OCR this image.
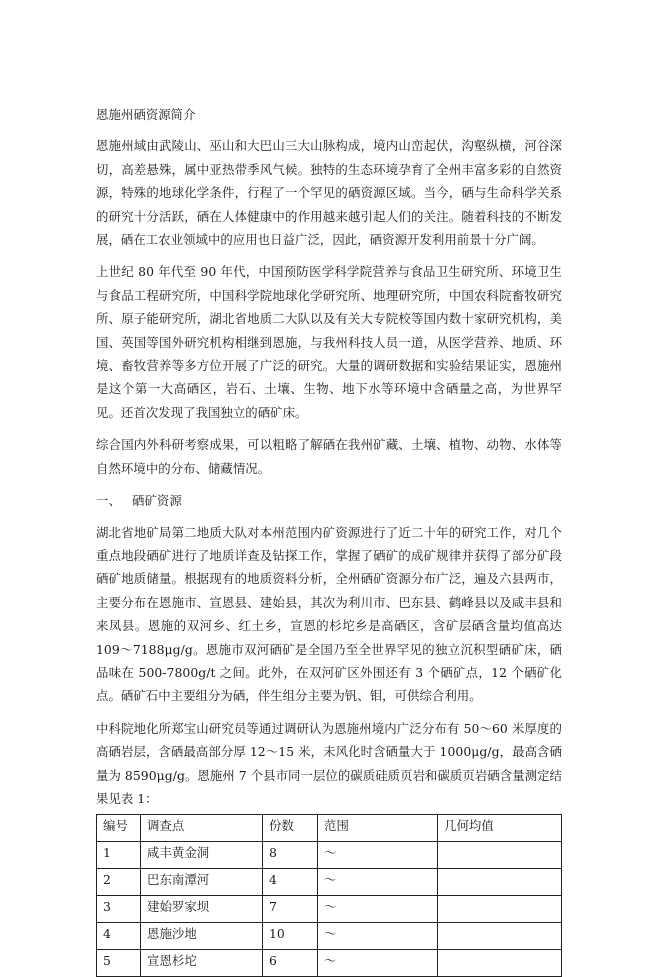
恩施州硒资源简介

恩施州域由武陵山、巫山和大巴山三大山脉构成，境内山峦起伏，沟壑纵横，河谷深切，高差悬殊，属中亚热带季风气候。独特的生态环境孕育了全州丰富多彩的自然资源，特殊的地球化学条件，行程了一个罕见的硒资源区域。当今，硒与生命科学关系的研究十分活跃，硒在人体健康中的作用越来越引起人们的关注。随着科技的不断发展，硒在工农业领域中的应用也日益广泛，因此，硒资源开发利用前景十分广阔。

上世纪 80 年代至 90 年代，中国预防医学科学院营养与食品卫生研究所、环境卫生与食品工程研究所，中国科学院地球化学研究所、地理研究所，中国农科院畜牧研究所、原子能研究所，湖北省地质二大队以及有关大专院校等国内数十家研究机构，美国、英国等国外研究机构相继到恩施，与我州科技人员一道，从医学营养、地质、环境、畜牧营养等多方位开展了广泛的研究。大量的调研数据和实验结果证实，恩施州是这个第一大高硒区，岩石、土壤、生物、地下水等环境中含硒量之高，为世界罕见。还首次发现了我国独立的硒矿床。

综合国内外科研考察成果，可以粗略了解硒在我州矿藏、土壤、植物、动物、水体等自然环境中的分布、储藏情况。

一、 硒矿资源

湖北省地矿局第二地质大队对本州范围内矿资源进行了近二十年的研究工作，对几个重点地段硒矿进行了地质详查及钻探工作，掌握了硒矿的成矿规律并获得了部分矿段硒矿地质储量。根据现有的地质资料分析，全州硒矿资源分布广泛，遍及六县两市，主要分布在恩施市、宣恩县、建始县，其次为利川市、巴东县、鹤峰县以及咸丰县和来凤县。恩施的双河乡、红土乡，宣恩的杉坨乡是高硒区，含矿层硒含量均值高达 109～7188μg/g。恩施市双河硒矿是全国乃至全世界罕见的独立沉积型硒矿床，硒品味在 500-7800g/t 之间。此外，在双河矿区外围还有 3 个硒矿点，12 个硒矿化点。硒矿石中主要组分为硒，伴生组分主要为钒、钼，可供综合利用。

中科院地化所郑宝山研究员等通过调研认为恩施州境内广泛分布有 50～60 米厚度的高硒岩层，含硒最高部分厚 12～15 米，未风化时含硒量大于 1000μg/g，最高含硒量为 8590μg/g。恩施州 7 个县市同一层位的碳质硅质页岩和碳质页岩硒含量测定结果见表 1：

编号	调查点	份数	范围	几何均值
1	咸丰黄金洞	8	～	
2	巴东南潭河	4	～	
3	建始罗家坝	7	～	
4	恩施沙地	10	～	
5	宣恩杉坨	6	～	
